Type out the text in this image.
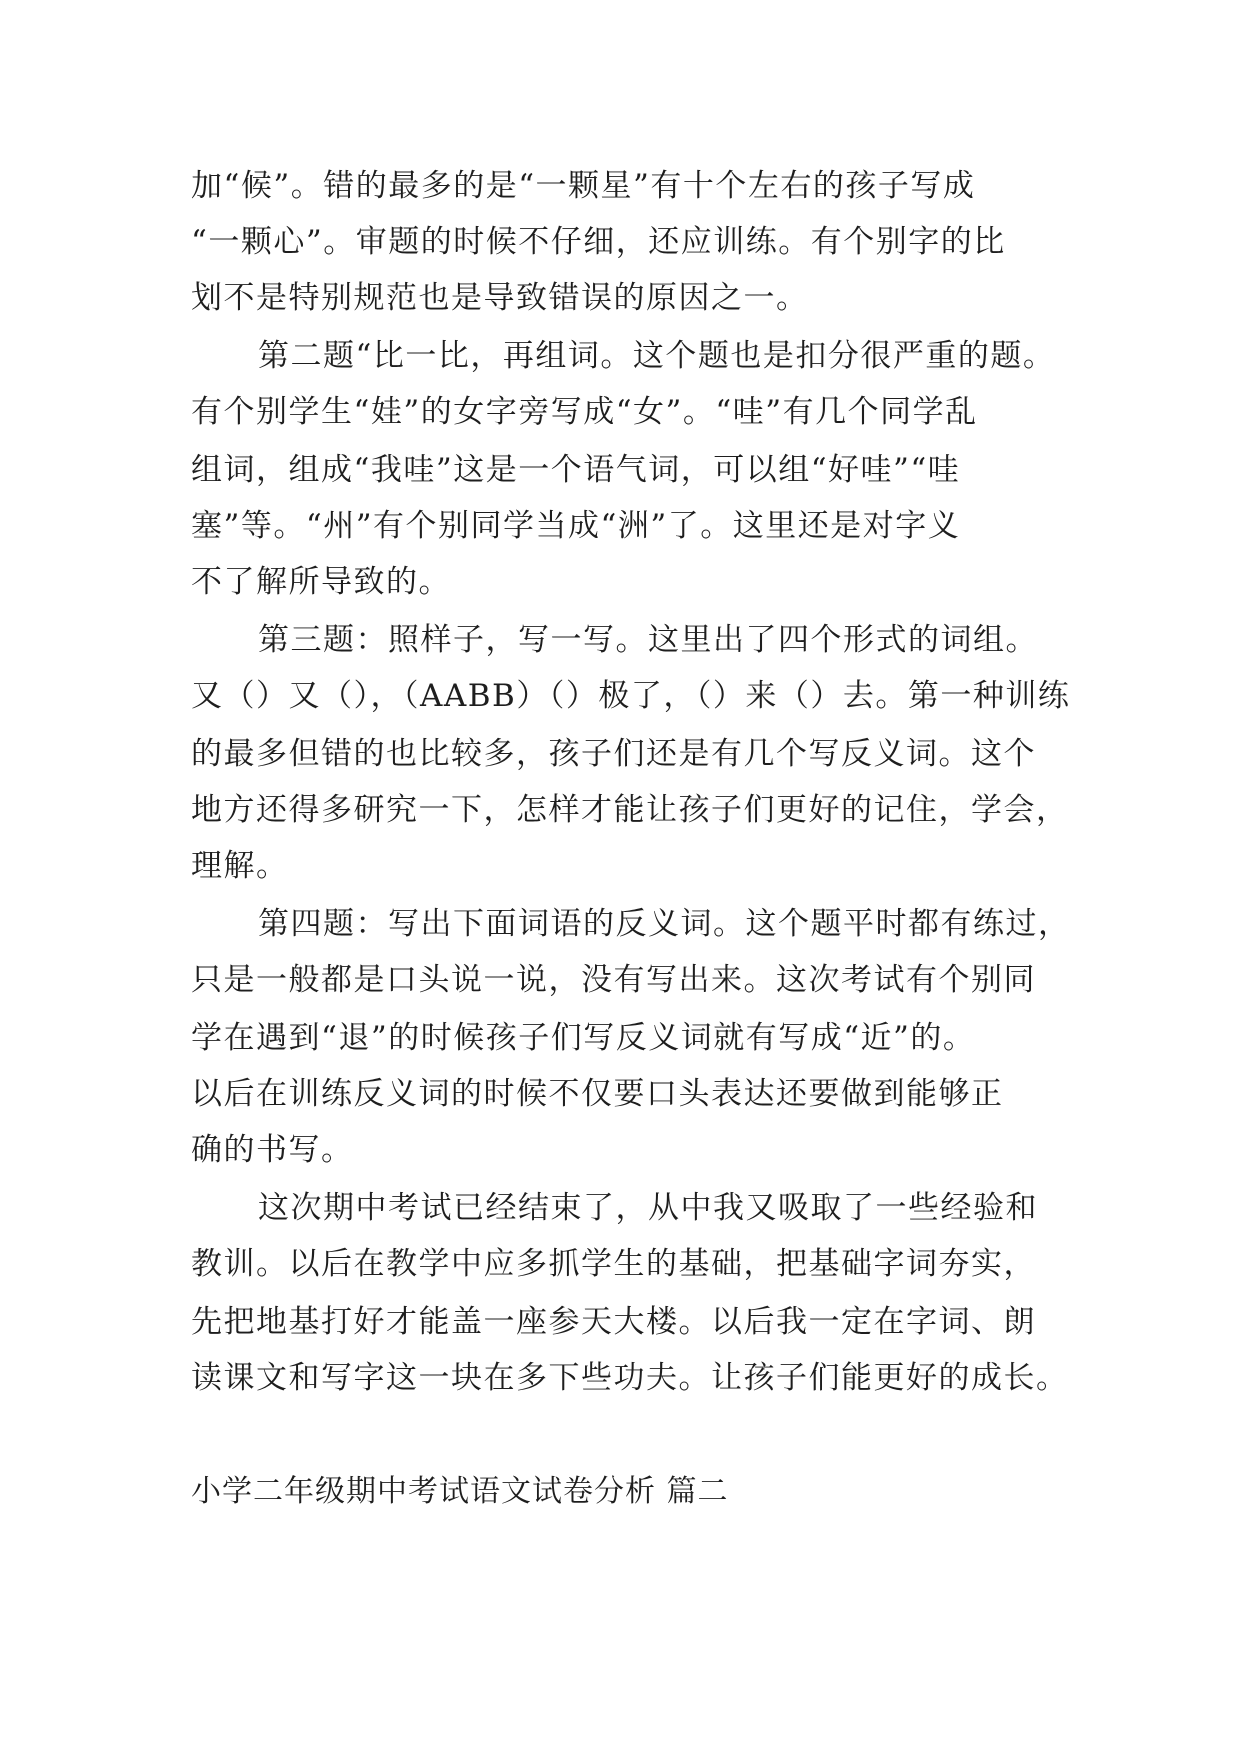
加“候”。错的最多的是“一颗星”有十个左右的孩子写成
“一颗心”。审题的时候不仔细，还应训练。有个别字的比
划不是特别规范也是导致错误的原因之一。
第二题“比一比，再组词。这个题也是扣分很严重的题。
有个别学生“娃”的女字旁写成“女”。“哇”有几个同学乱
组词，组成“我哇”这是一个语气词，可以组“好哇”“哇
塞”等。“州”有个别同学当成“洲”了。这里还是对字义
不了解所导致的。
第三题：照样子，写一写。这里出了四个形式的词组。
又（）又（），（AABB）（）极了，（）来（）去。第一种训练
的最多但错的也比较多，孩子们还是有几个写反义词。这个
地方还得多研究一下，怎样才能让孩子们更好的记住，学会，
理解。
第四题：写出下面词语的反义词。这个题平时都有练过，
只是一般都是口头说一说，没有写出来。这次考试有个别同
学在遇到“退”的时候孩子们写反义词就有写成“近”的。
以后在训练反义词的时候不仅要口头表达还要做到能够正
确的书写。
这次期中考试已经结束了，从中我又吸取了一些经验和
教训。以后在教学中应多抓学生的基础，把基础字词夯实，
先把地基打好才能盖一座参天大楼。以后我一定在字词、朗
读课文和写字这一块在多下些功夫。让孩子们能更好的成长。
小学二年级期中考试语文试卷分析 篇二
